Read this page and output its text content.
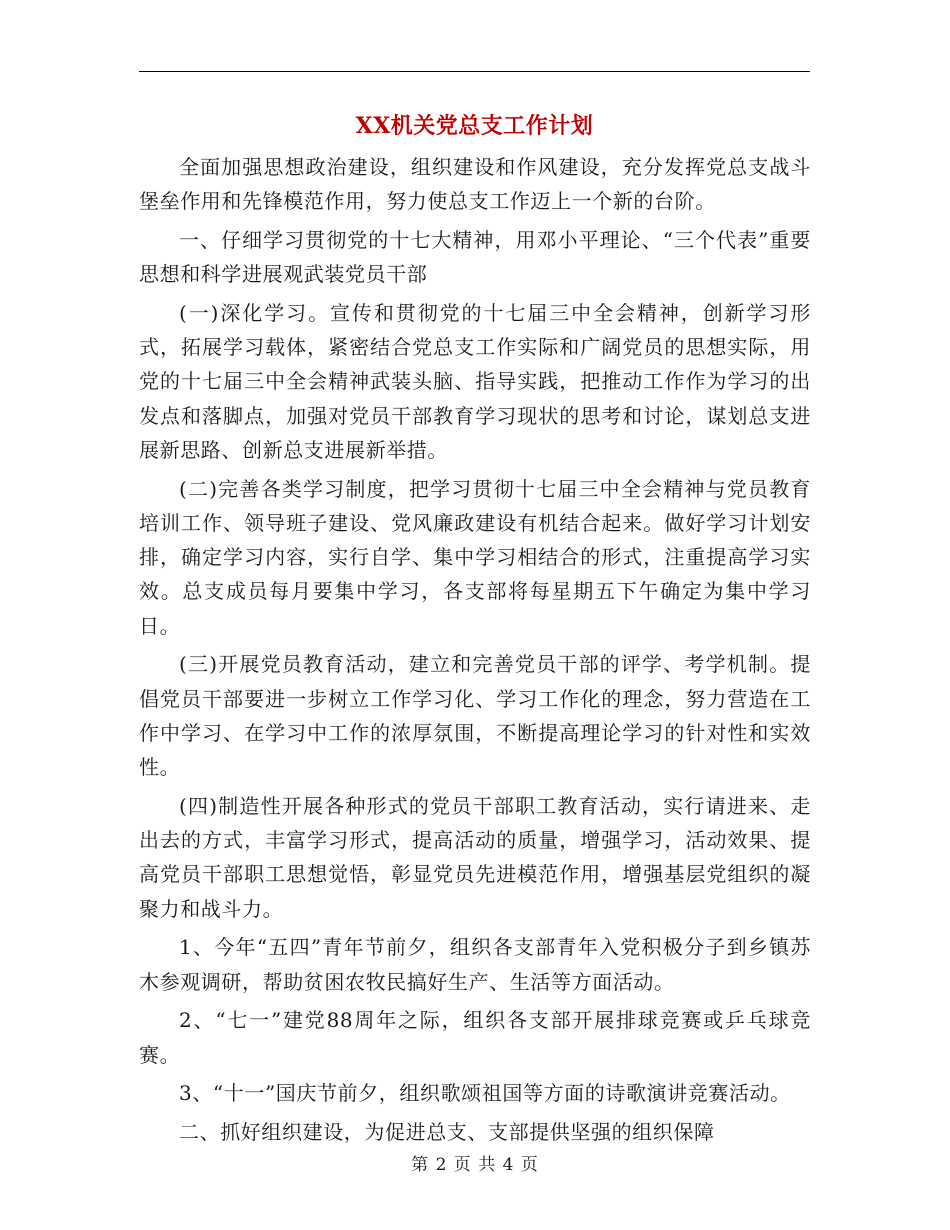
XX机关党总支工作计划

全面加强思想政治建设，组织建设和作风建设，充分发挥党总支战斗堡垒作用和先锋模范作用，努力使总支工作迈上一个新的台阶。

一、仔细学习贯彻党的十七大精神，用邓小平理论、“三个代表”重要思想和科学进展观武装党员干部

(一)深化学习。宣传和贯彻党的十七届三中全会精神，创新学习形式，拓展学习载体，紧密结合党总支工作实际和广阔党员的思想实际，用党的十七届三中全会精神武装头脑、指导实践，把推动工作作为学习的出发点和落脚点，加强对党员干部教育学习现状的思考和讨论，谋划总支进展新思路、创新总支进展新举措。

(二)完善各类学习制度，把学习贯彻十七届三中全会精神与党员教育培训工作、领导班子建设、党风廉政建设有机结合起来。做好学习计划安排，确定学习内容，实行自学、集中学习相结合的形式，注重提高学习实效。总支成员每月要集中学习，各支部将每星期五下午确定为集中学习日。

(三)开展党员教育活动，建立和完善党员干部的评学、考学机制。提倡党员干部要进一步树立工作学习化、学习工作化的理念，努力营造在工作中学习、在学习中工作的浓厚氛围，不断提高理论学习的针对性和实效性。

(四)制造性开展各种形式的党员干部职工教育活动，实行请进来、走出去的方式，丰富学习形式，提高活动的质量，增强学习，活动效果、提高党员干部职工思想觉悟，彰显党员先进模范作用，增强基层党组织的凝聚力和战斗力。

1、今年“五四”青年节前夕，组织各支部青年入党积极分子到乡镇苏木参观调研，帮助贫困农牧民搞好生产、生活等方面活动。

2、“七一”建党88周年之际，组织各支部开展排球竞赛或乒乓球竞赛。

3、“十一”国庆节前夕，组织歌颂祖国等方面的诗歌演讲竞赛活动。

二、抓好组织建设，为促进总支、支部提供坚强的组织保障

第 2 页 共 4 页
